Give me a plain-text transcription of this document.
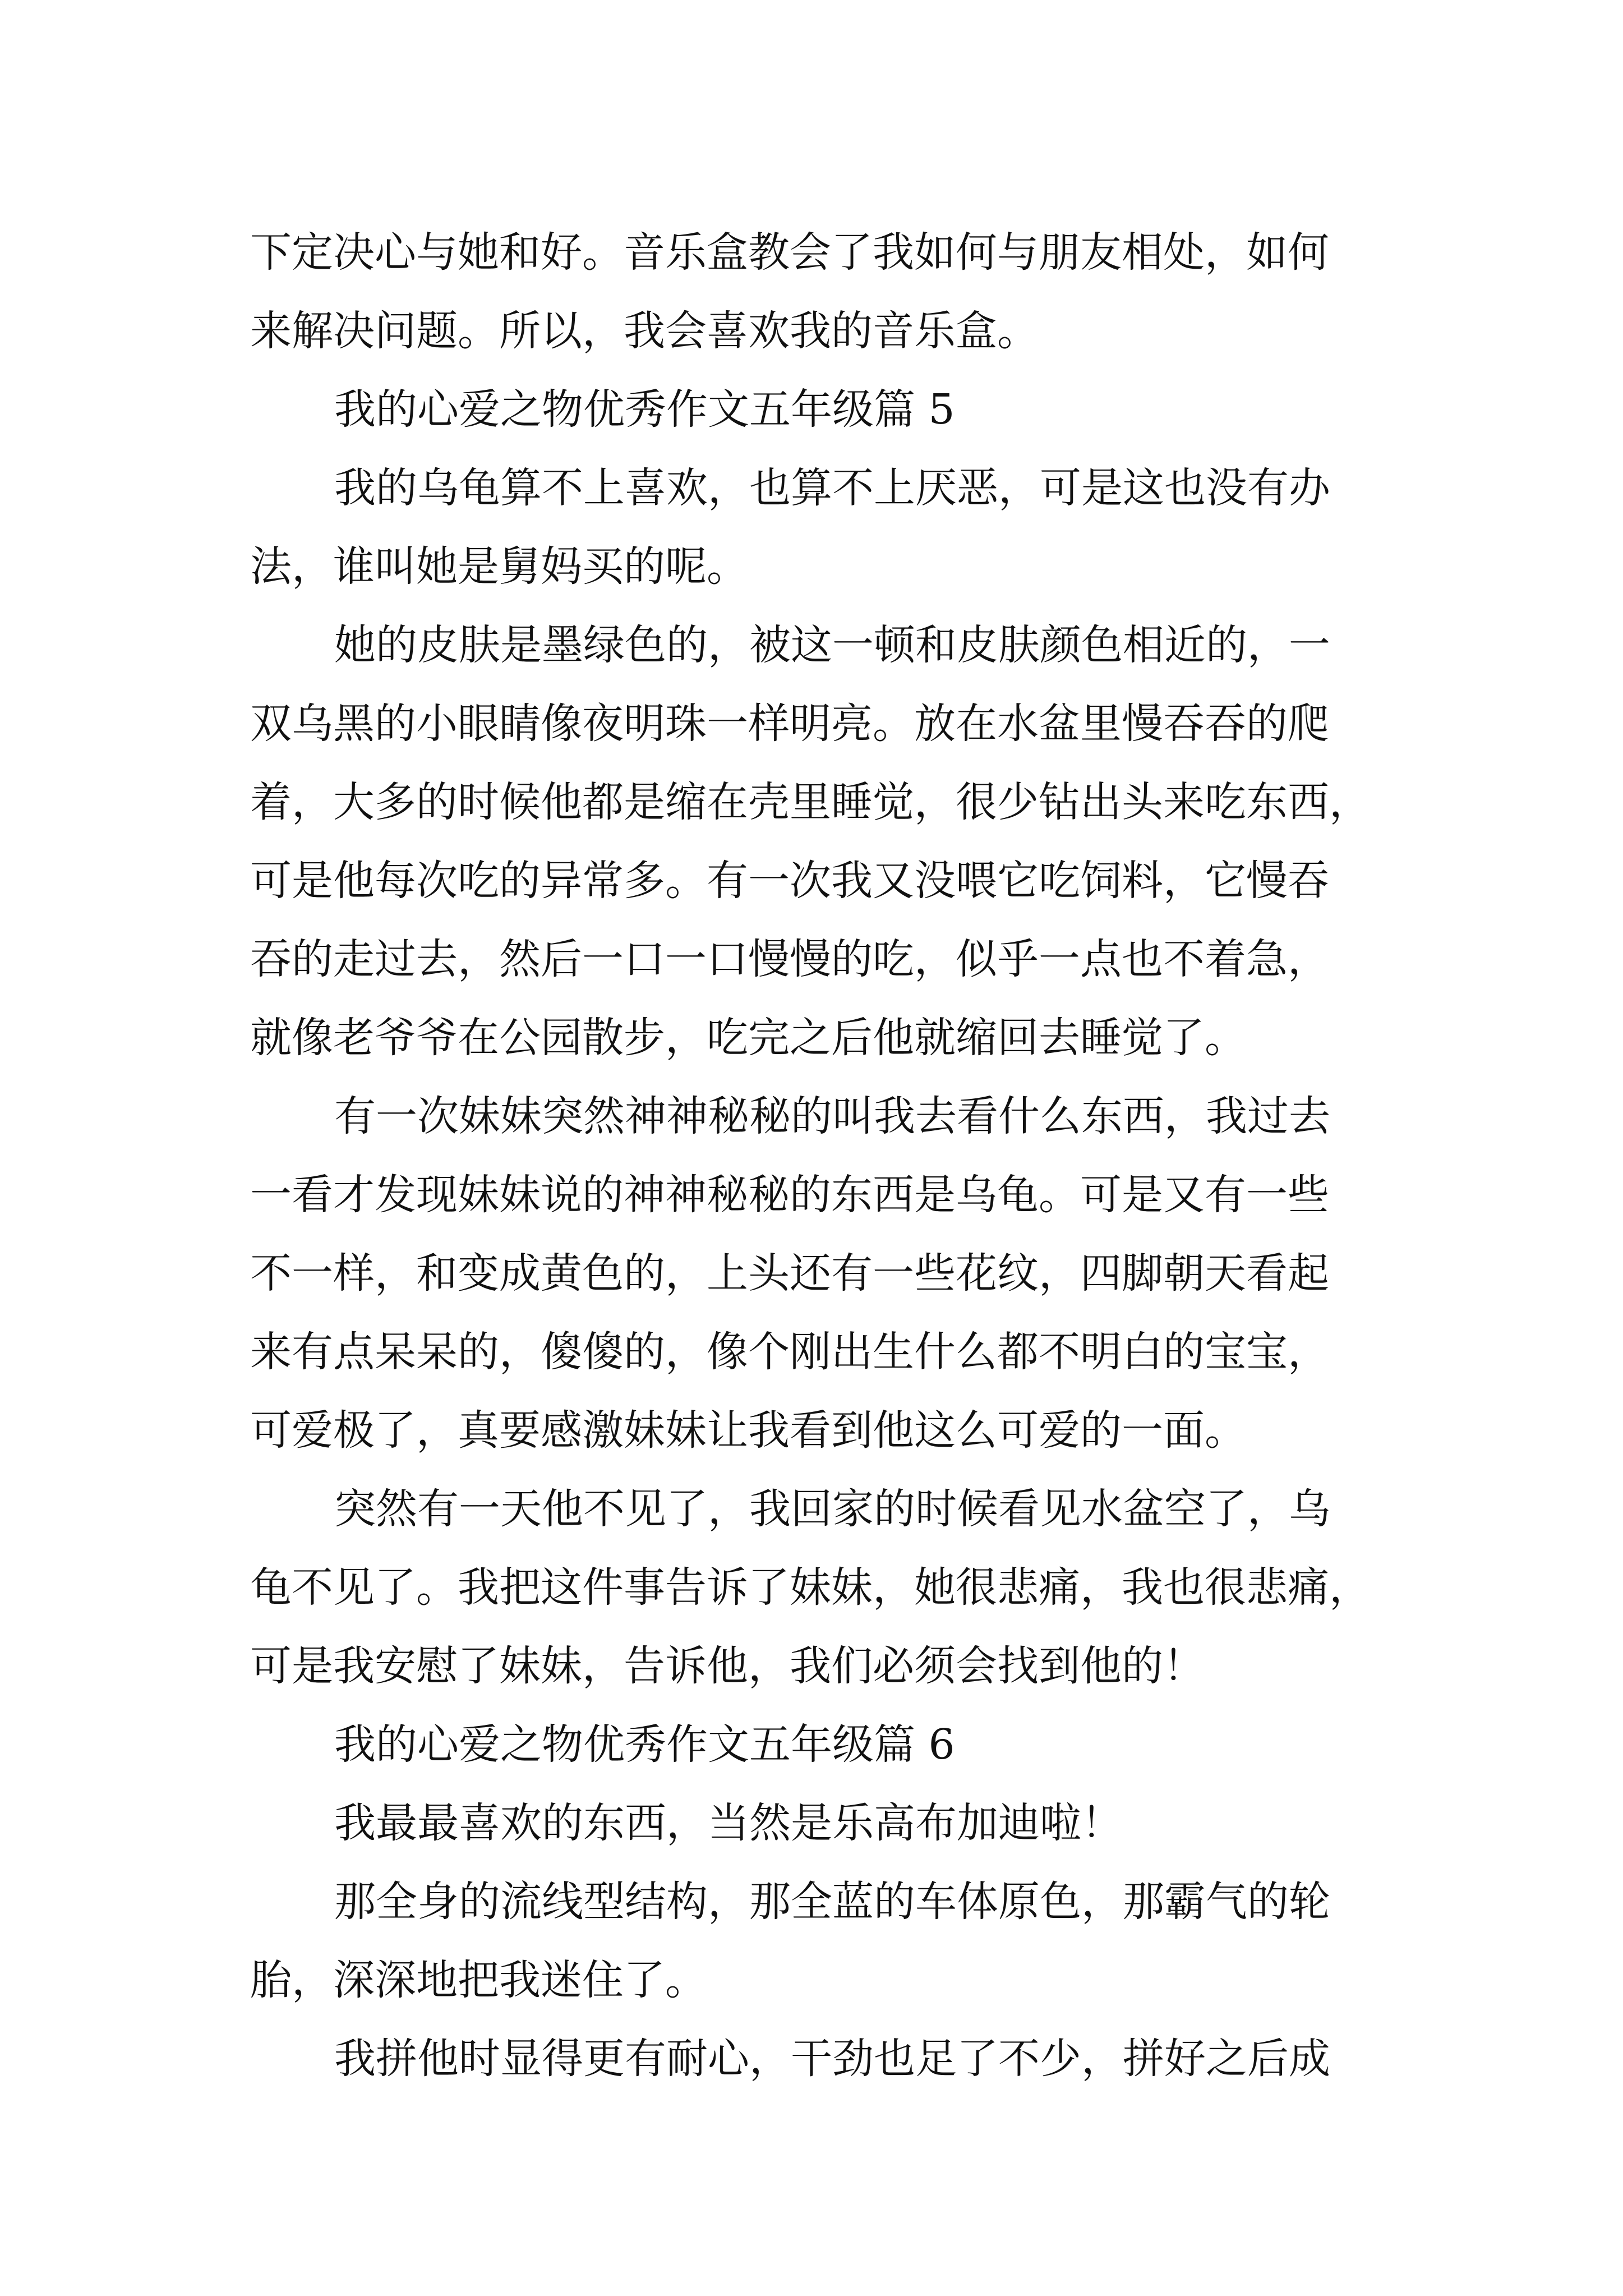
下定决心与她和好。音乐盒教会了我如何与朋友相处，如何
来解决问题。所以，我会喜欢我的音乐盒。
我的心爱之物优秀作文五年级篇 5
我的乌龟算不上喜欢，也算不上厌恶，可是这也没有办
法，谁叫她是舅妈买的呢。
她的皮肤是墨绿色的，被这一顿和皮肤颜色相近的，一
双乌黑的小眼睛像夜明珠一样明亮。放在水盆里慢吞吞的爬
着，大多的时候他都是缩在壳里睡觉，很少钻出头来吃东西，
可是他每次吃的异常多。有一次我又没喂它吃饲料，它慢吞
吞的走过去，然后一口一口慢慢的吃，似乎一点也不着急，
就像老爷爷在公园散步，吃完之后他就缩回去睡觉了。
有一次妹妹突然神神秘秘的叫我去看什么东西，我过去
一看才发现妹妹说的神神秘秘的东西是乌龟。可是又有一些
不一样，和变成黄色的，上头还有一些花纹，四脚朝天看起
来有点呆呆的，傻傻的，像个刚出生什么都不明白的宝宝，
可爱极了，真要感激妹妹让我看到他这么可爱的一面。
突然有一天他不见了，我回家的时候看见水盆空了，乌
龟不见了。我把这件事告诉了妹妹，她很悲痛，我也很悲痛，
可是我安慰了妹妹，告诉他，我们必须会找到他的！
我的心爱之物优秀作文五年级篇 6
我最最喜欢的东西，当然是乐高布加迪啦！
那全身的流线型结构，那全蓝的车体原色，那霸气的轮
胎，深深地把我迷住了。
我拼他时显得更有耐心，干劲也足了不少，拼好之后成
